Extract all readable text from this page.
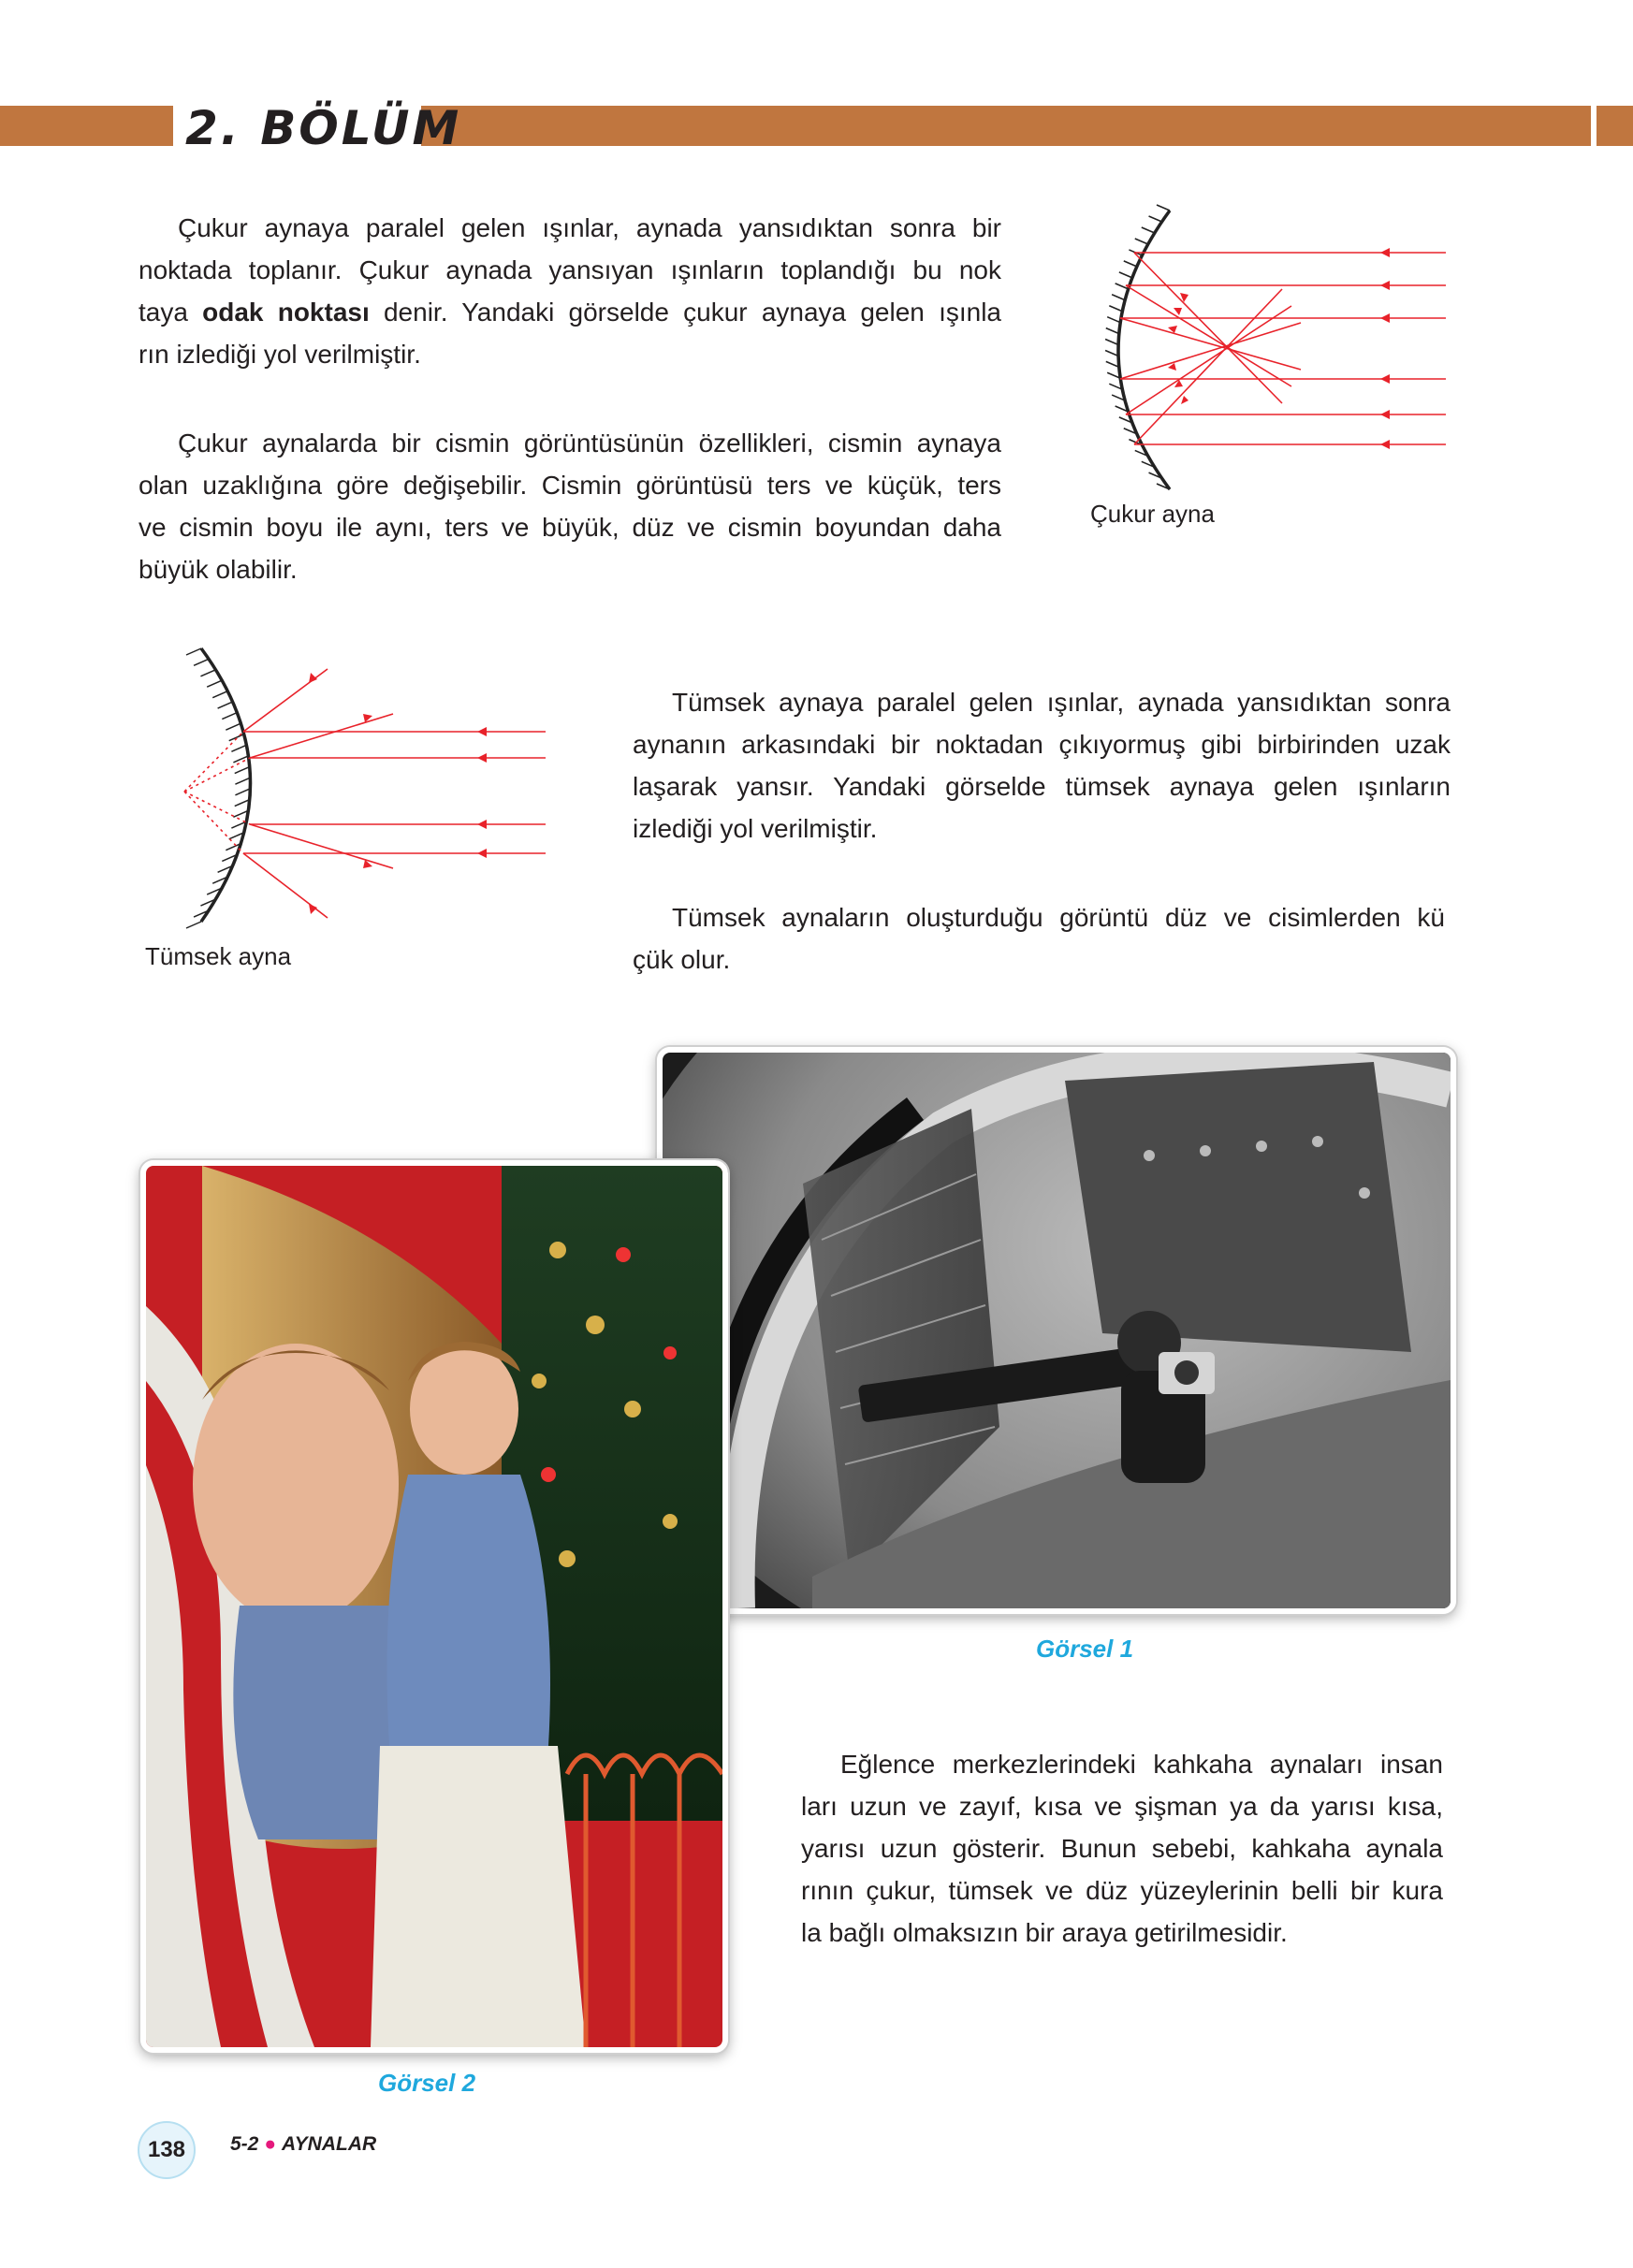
2. BÖLÜM
Çukur aynaya paralel gelen ışınlar, aynada yansıdıktan sonra bir
noktada toplanır. Çukur aynada yansıyan ışınların toplandığı bu nok
taya odak noktası denir. Yandaki görselde çukur aynaya gelen ışınla
rın izlediği yol verilmiştir.
Çukur aynalarda bir cismin görüntüsünün özellikleri, cismin aynaya
olan uzaklığına göre değişebilir. Cismin görüntüsü ters ve küçük, ters
ve cismin boyu ile aynı, ters ve büyük, düz ve cismin boyundan daha
büyük olabilir.
Çukur ayna
Tümsek ayna
Tümsek aynaya paralel gelen ışınlar, aynada yansıdıktan sonra
aynanın arkasındaki bir noktadan çıkıyormuş gibi birbirinden uzak
laşarak yansır. Yandaki görselde tümsek aynaya gelen ışınların
izlediği yol verilmiştir.
Tümsek aynaların oluşturduğu görüntü düz ve cisimlerden kü
çük olur.
Görsel 1
Görsel 2
Eğlence merkezlerindeki kahkaha aynaları insan
ları uzun ve zayıf, kısa ve şişman ya da yarısı kısa,
yarısı uzun gösterir. Bunun sebebi, kahkaha aynala
rının çukur, tümsek ve düz yüzeylerinin belli bir kura
la bağlı olmaksızın bir araya getirilmesidir.
138	5-2 ● AYNALAR
